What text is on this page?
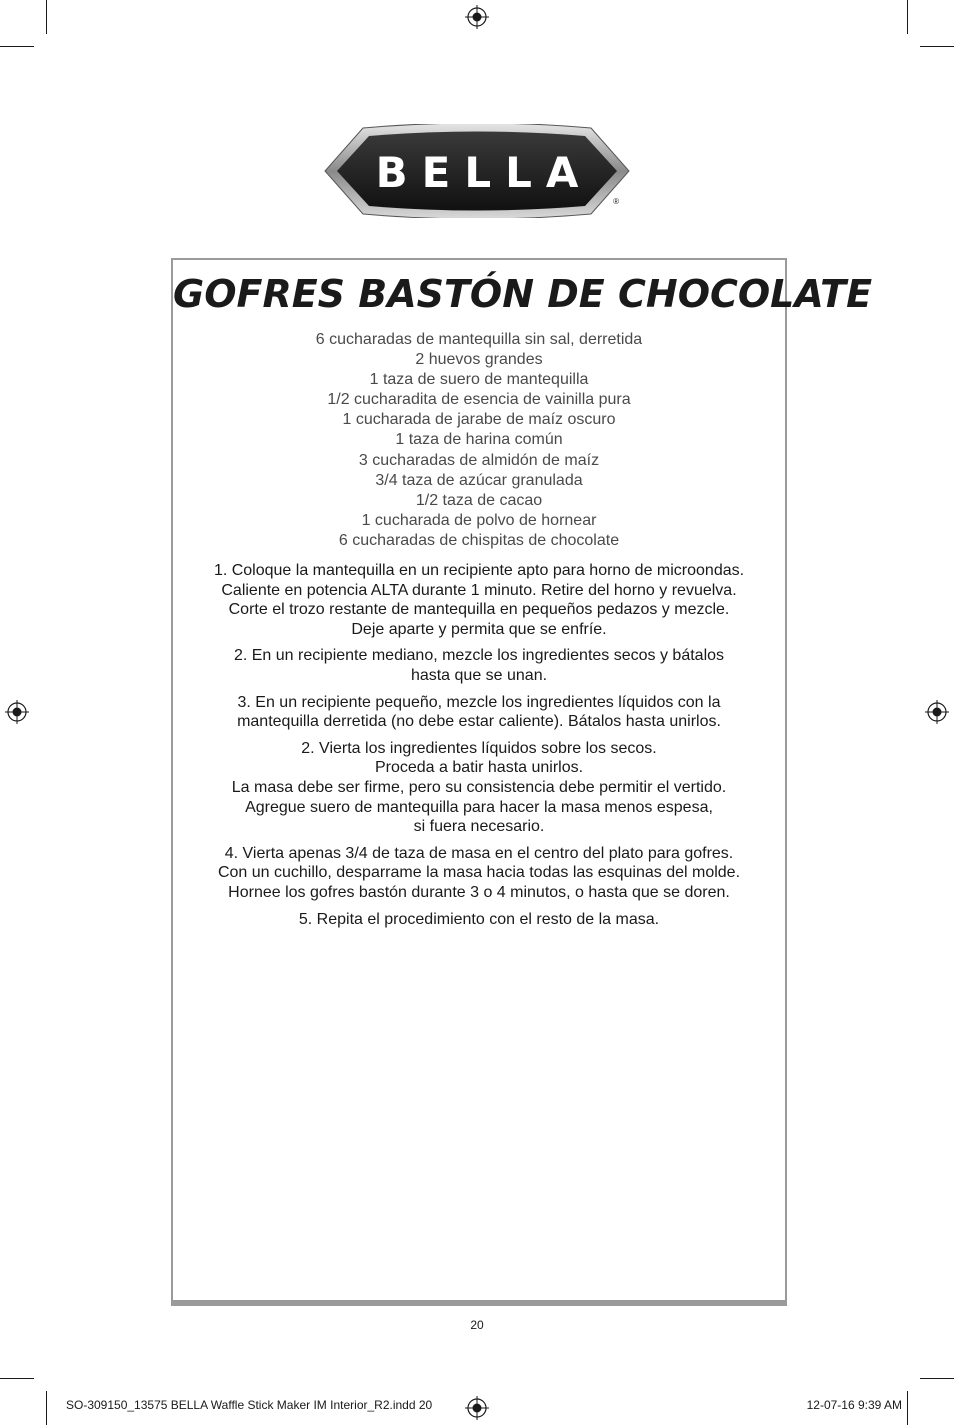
BELLA
®
GOFRES BASTÓN DE CHOCOLATE
6 cucharadas de mantequilla sin sal, derretida
2 huevos grandes
1 taza de suero de mantequilla
1/2 cucharadita de esencia de vainilla pura
1 cucharada de jarabe de maíz oscuro
1 taza de harina común
3 cucharadas de almidón de maíz
3/4 taza de azúcar granulada
1/2 taza de cacao
1 cucharada de polvo de hornear
6 cucharadas de chispitas de chocolate

1. Coloque la mantequilla en un recipiente apto para horno de microondas.
Caliente en potencia ALTA durante 1 minuto. Retire del horno y revuelva.
Corte el trozo restante de mantequilla en pequeños pedazos y mezcle.
Deje aparte y permita que se enfríe.

2. En un recipiente mediano, mezcle los ingredientes secos y bátalos
hasta que se unan.

3. En un recipiente pequeño, mezcle los ingredientes líquidos con la
mantequilla derretida (no debe estar caliente). Bátalos hasta unirlos.

2. Vierta los ingredientes líquidos sobre los secos.
Proceda a batir hasta unirlos.
La masa debe ser firme, pero su consistencia debe permitir el vertido.
Agregue suero de mantequilla para hacer la masa menos espesa,
si fuera necesario.

4. Vierta apenas 3/4 de taza de masa en el centro del plato para gofres.
Con un cuchillo, desparrame la masa hacia todas las esquinas del molde.
Hornee los gofres bastón durante 3 o 4 minutos, o hasta que se doren.

5. Repita el procedimiento con el resto de la masa.

20
SO-309150_13575 BELLA Waffle Stick Maker IM Interior_R2.indd 20	12-07-16 9:39 AM
